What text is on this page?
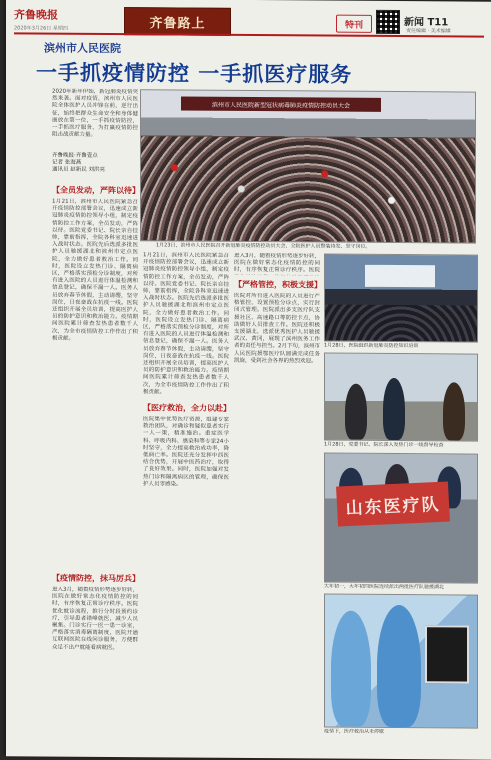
齐鲁晚报
2020年3月26日 星期四	齐鲁路上	特刊	新闻 T11
责任编辑 · 美术编辑
滨州市人民医院
一手抓疫情防控 一手抓医疗服务
2020年新年伊始，新冠肺炎疫情突然来袭。面对疫情，滨州市人民医院全体医护人员冲锋在前，逆行出征，始终把群众生命安全和身体健康放在第一位，一手抓疫情防控，一手抓医疗服务，为打赢疫情防控阻击战贡献力量。
齐鲁晚报·齐鲁壹点
记者 张海燕
通讯员 赵新民 刘洪亮
滨州市人民医院新型冠状病毒肺炎疫情防控动员大会
1月23日，滨州市人民医院召开新冠肺炎疫情防控动员大会，全院医护人员整装待发、坚守岗位。
【全员发动，严阵以待】
1月21日，滨州市人民医院紧急召开疫情防控部署会议，迅速成立新冠肺炎疫情防控领导小组，制定疫情防控工作方案，全员发动，严阵以待。医院党委书记、院长亲自挂帅，靠前指挥，全院各科室迅速进入战时状态。医院先后选派多批医护人员驰援湖北和滨州市定点医院，全力做好患者救治工作。同时，医院设立发热门诊、隔离病区，严格落实预检分诊制度，对所有进入医院的人员进行体温检测和信息登记，确保不漏一人。医务人员放弃春节休假，主动请缨，坚守岗位，日夜奋战在抗疫一线。医院还组织开展全员培训，提高医护人员的防护意识和救治能力。疫情期间医院累计筛查发热患者数千人次，为全市疫情防控工作作出了积极贡献。
【疫情防控，抹马厉兵】
进入3月，随着疫情形势逐步好转，医院在做好常态化疫情防控的同时，有序恢复正常诊疗秩序。医院优化就诊流程，推行分时段预约诊疗，引导患者错峰就医，减少人员聚集。门诊实行一医一患一诊室，严格落实消毒隔离制度，医院开通互联网医院在线问诊服务，方便群众足不出户就能看病就医。
1月21日，滨州市人民医院紧急召开疫情防控部署会议，迅速成立新冠肺炎疫情防控领导小组，制定疫情防控工作方案，全员发动，严阵以待。医院党委书记、院长亲自挂帅，靠前指挥，全院各科室迅速进入战时状态。医院先后选派多批医护人员驰援湖北和滨州市定点医院，全力做好患者救治工作。同时，医院设立发热门诊、隔离病区，严格落实预检分诊制度，对所有进入医院的人员进行体温检测和信息登记，确保不漏一人。医务人员放弃春节休假，主动请缨，坚守岗位，日夜奋战在抗疫一线。医院还组织开展全员培训，提高医护人员的防护意识和救治能力。疫情期间医院累计筛查发热患者数千人次，为全市疫情防控工作作出了积极贡献。
【医疗救治，全力以赴】
医院集中优势医疗资源，组建专家救治团队，对确诊和疑似患者实行一人一策，精准施治。重症医学科、呼吸内科、感染科等专家24小时坚守，全力提高救治成功率，降低病亡率。医院还充分发挥中西医结合优势，开展中医药治疗，取得了良好效果。同时，医院加强对发热门诊和隔离病区的管理，确保医护人员零感染。
进入3月，随着疫情形势逐步好转，医院在做好常态化疫情防控的同时，有序恢复正常诊疗秩序。医院优化就诊流程，推行分时段预约诊疗，引导患者错峰就医，减少人员聚集。门诊实行一医一患一诊室，严格落实消毒隔离制度，医院开通互联网医院在线问诊服务，方便群众足不出户就能看病就医。
【严格管控，积极支援】
医院对所有进入医院的人员进行严格管控，设置预检分诊点，实行封闭式管理。医院派出多支医疗队支援社区、高速路口等防控卡点，协助做好人员排查工作。医院还积极支援湖北，选派优秀医护人员驰援武汉、黄冈，展现了滨州医务工作者的责任与担当。2月下旬，滨州市人民医院援鄂医疗队圆满完成任务凯旋，受到社会各界的热烈欢迎。
1月28日，医院组织新冠肺炎防控知识培训
1月28日，党委书记、院长深入发热门诊一线督导检查
山东医疗队
大年初一，大年初四医院连续派出两批医疗队驰援湖北
疫情下，医疗救治从未停歇
